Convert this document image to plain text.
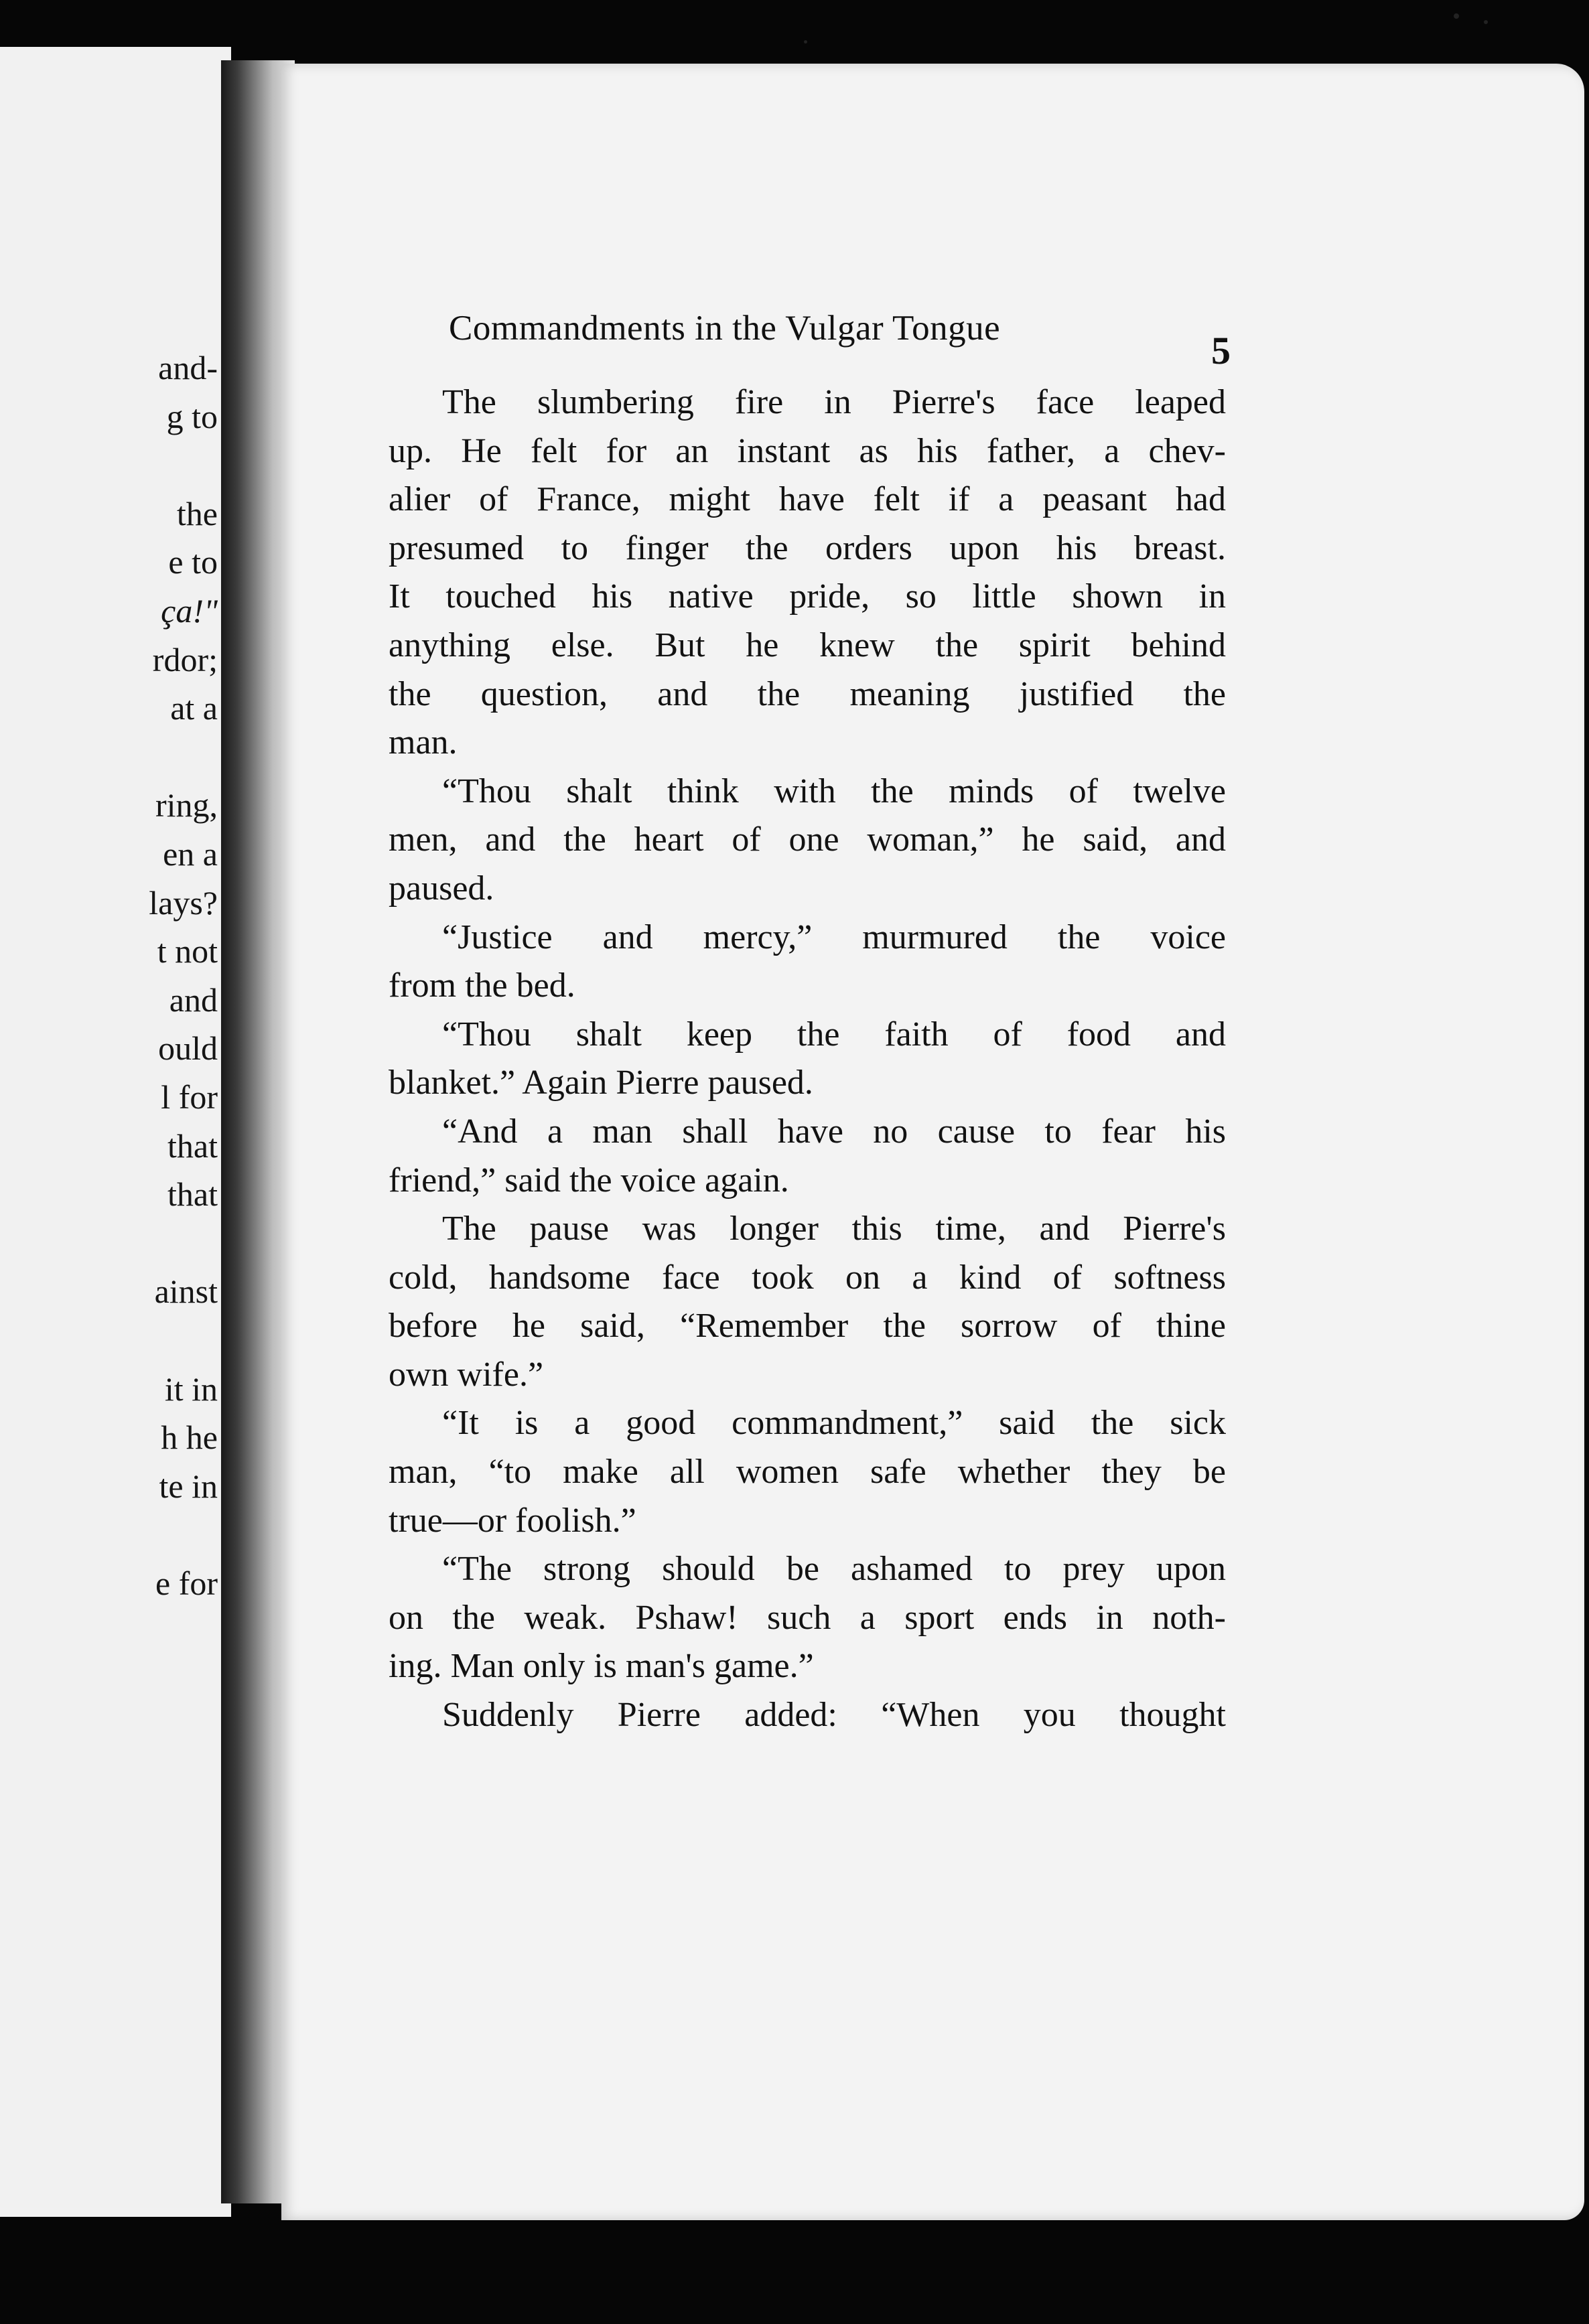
and-
g to
the
e to
ça!"
rdor;
at a
ring,
en a
lays?
t not
and
ould
l for
that
that
ainst
it in
h he
te in
e for
Commandments in the Vulgar Tongue
5
The slumbering fire in Pierre's face leaped
up. He felt for an instant as his father, a chev-
alier of France, might have felt if a peasant had
presumed to finger the orders upon his breast.
It touched his native pride, so little shown in
anything else. But he knew the spirit behind
the question, and the meaning justified the
man.
“Thou shalt think with the minds of twelve
men, and the heart of one woman,” he said, and
paused.
“Justice and mercy,” murmured the voice
from the bed.
“Thou shalt keep the faith of food and
blanket.” Again Pierre paused.
“And a man shall have no cause to fear his
friend,” said the voice again.
The pause was longer this time, and Pierre's
cold, handsome face took on a kind of softness
before he said, “Remember the sorrow of thine
own wife.”
“It is a good commandment,” said the sick
man, “to make all women safe whether they be
true—or foolish.”
“The strong should be ashamed to prey upon
on the weak. Pshaw! such a sport ends in noth-
ing. Man only is man's game.”
Suddenly Pierre added: “When you thought
